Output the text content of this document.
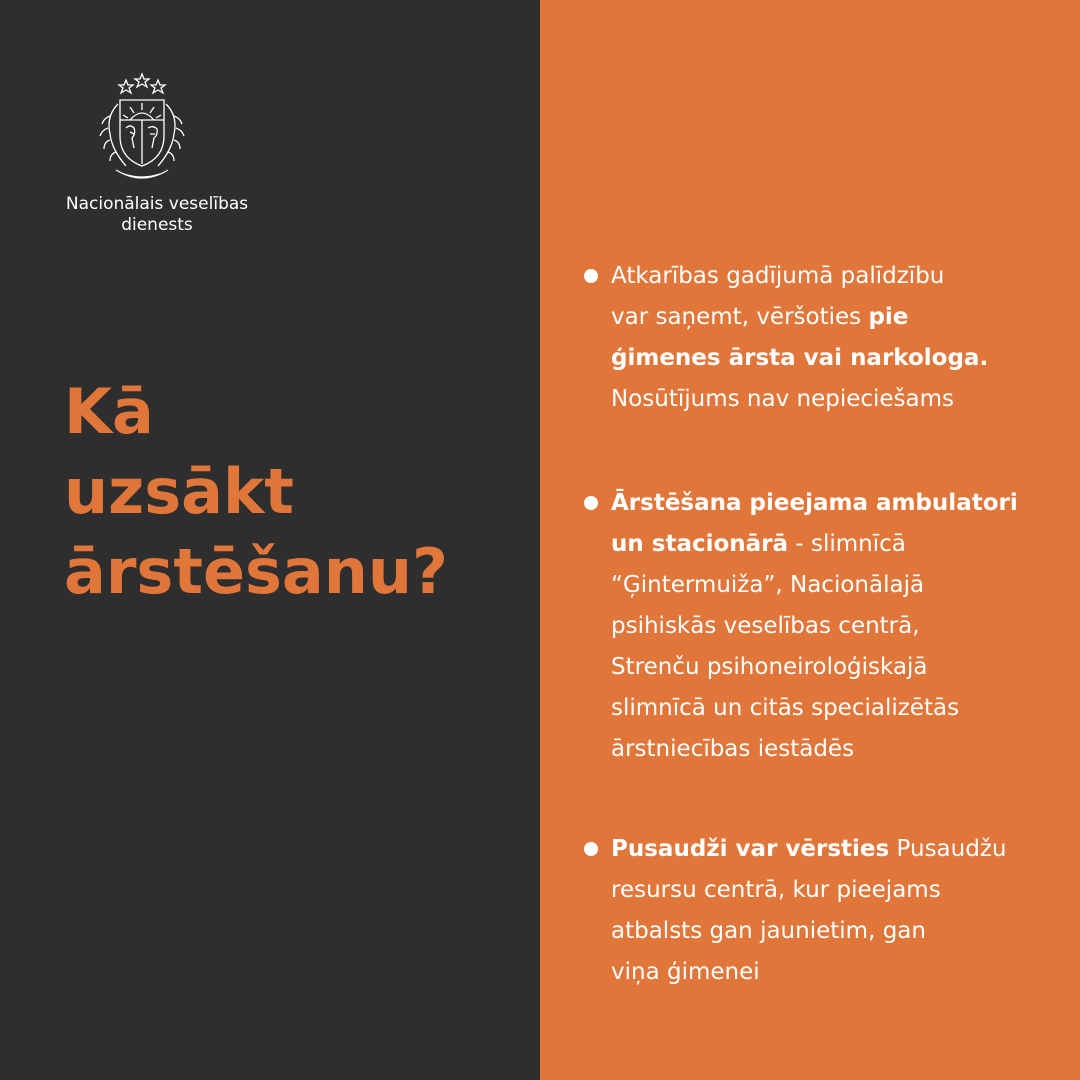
Nacionālais veselības
dienests
Kā
uzsākt
ārstēšanu?
Atkarības gadījumā palīdzību
var saņemt, vēršoties pie
ģimenes ārsta vai narkologa.
Nosūtījums nav nepieciešams
Ārstēšana pieejama ambulatori
un stacionārā - slimnīcā
“Ģintermuiža”, Nacionālajā
psihiskās veselības centrā,
Strenču psihoneiroloģiskajā
slimnīcā un citās specializētās
ārstniecības iestādēs
Pusaudži var vērsties Pusaudžu
resursu centrā, kur pieejams
atbalsts gan jaunietim, gan
viņa ģimenei
